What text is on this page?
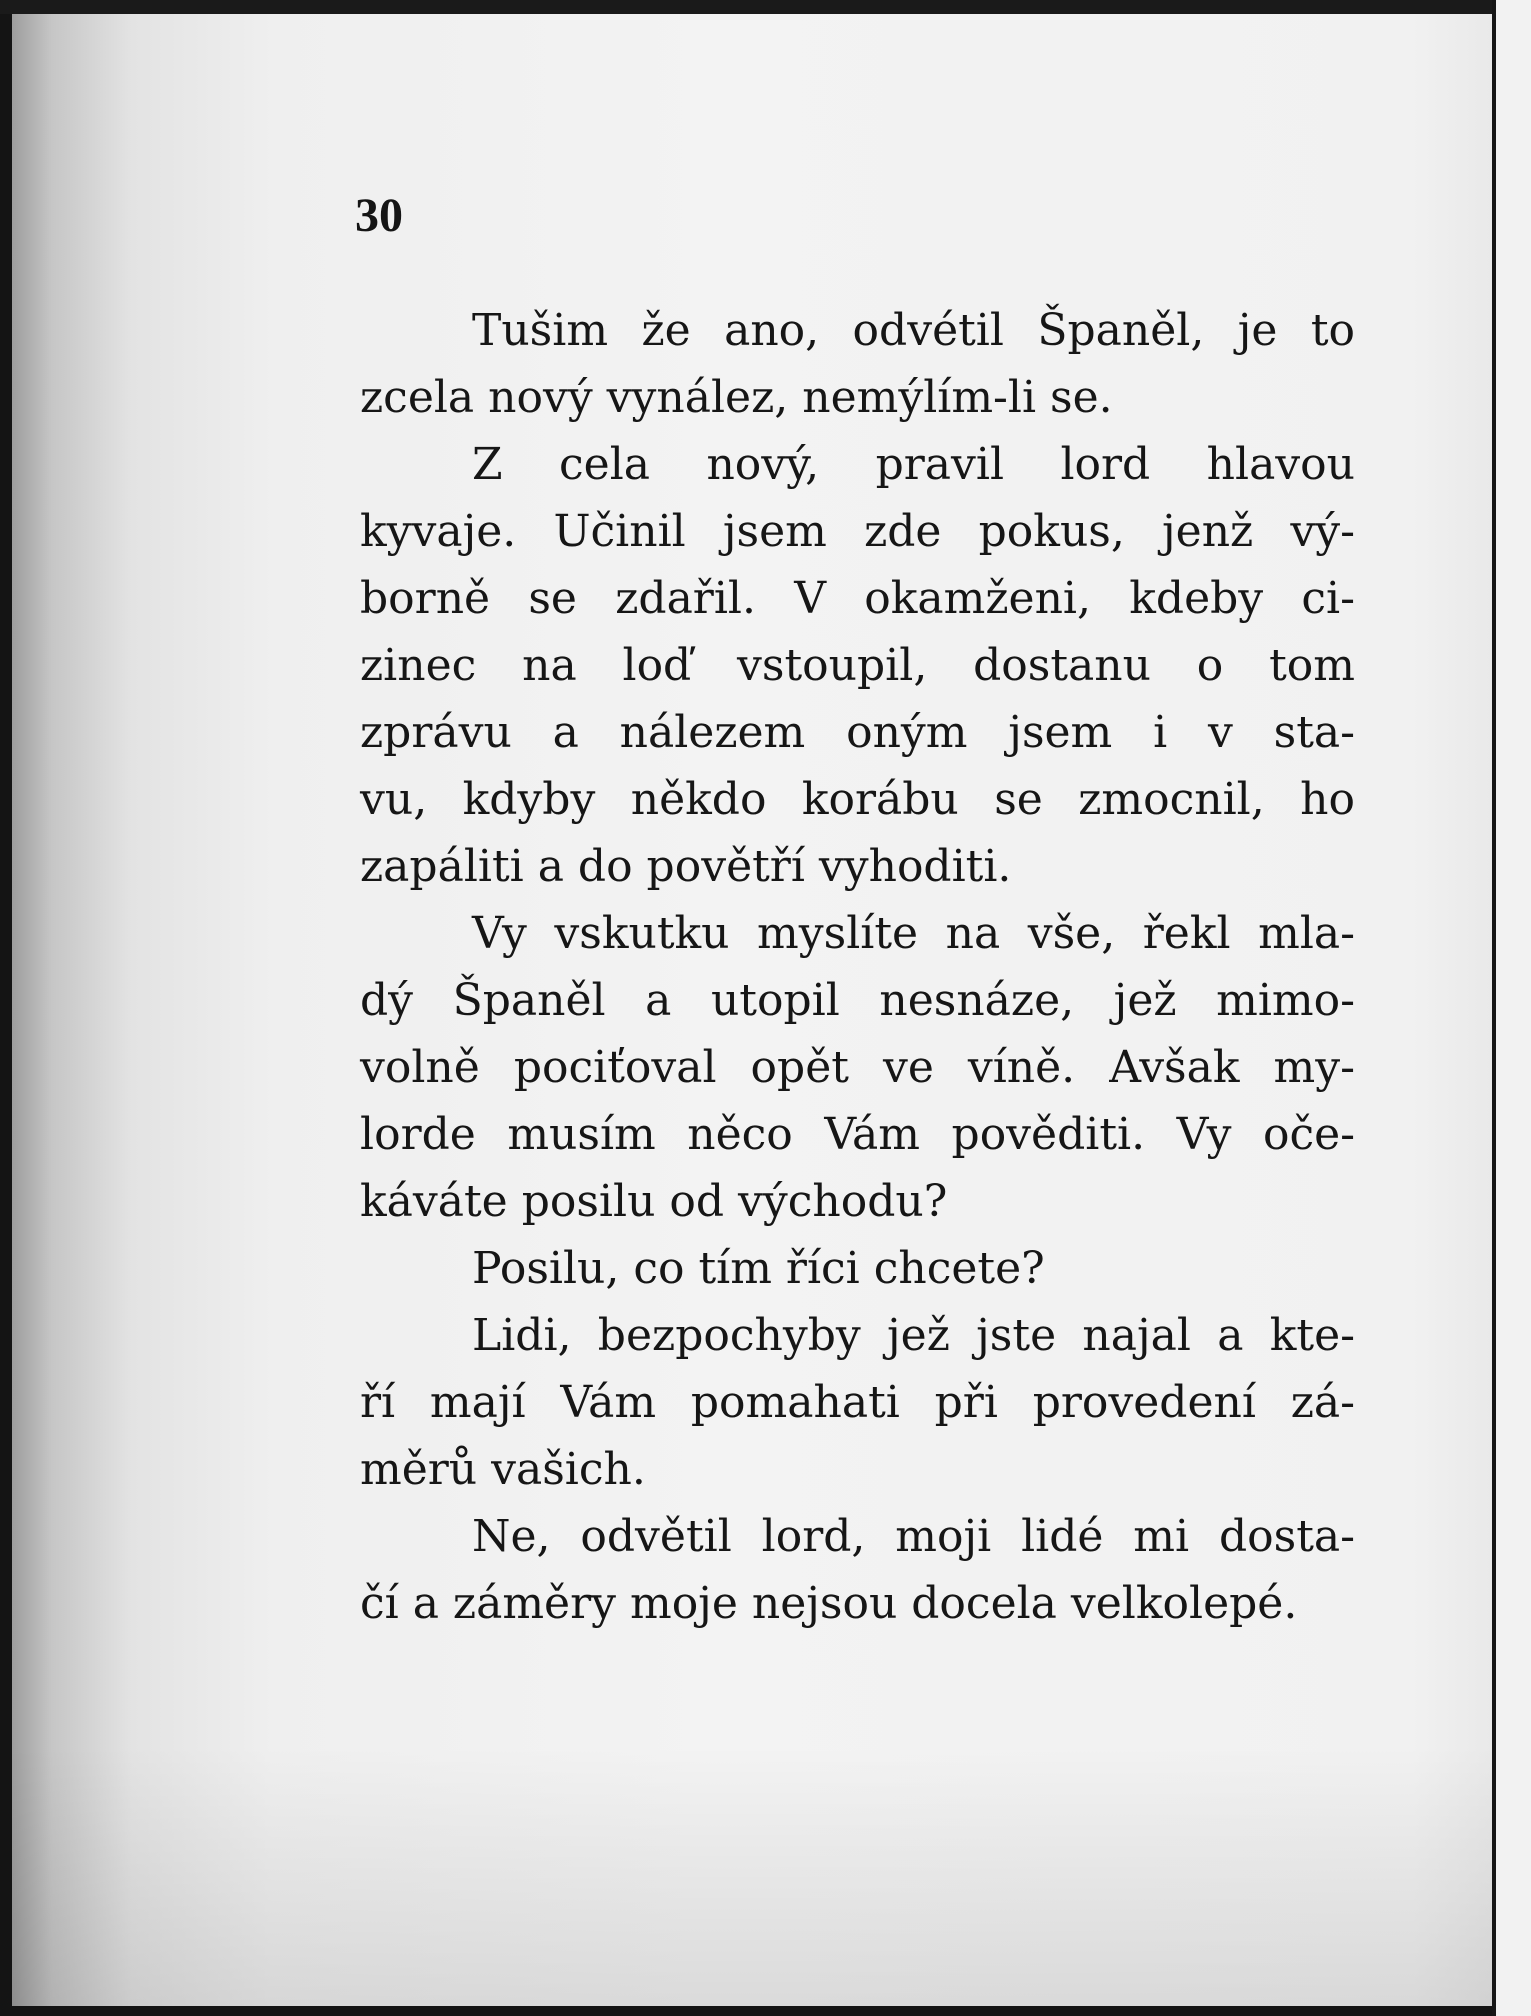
30
Tušim že ano, odvétil Španěl, je to
zcela nový vynález, nemýlím-li se.
Z cela nový, pravil lord hlavou
kyvaje. Učinil jsem zde pokus, jenž vý-
borně se zdařil. V okamženi, kdeby ci-
zinec na loď vstoupil, dostanu o tom
zprávu a nálezem oným jsem i v sta-
vu, kdyby někdo korábu se zmocnil, ho
zapáliti a do povětří vyhoditi.
Vy vskutku myslíte na vše, řekl mla-
dý Španěl a utopil nesnáze, jež mimo-
volně pociťoval opět ve víně. Avšak my-
lorde musím něco Vám pověditi. Vy oče-
káváte posilu od východu?
Posilu, co tím říci chcete?
Lidi, bezpochyby jež jste najal a kte-
ří mají Vám pomahati při provedení zá-
měrů vašich.
Ne, odvětil lord, moji lidé mi dosta-
čí a záměry moje nejsou docela velkolepé.
